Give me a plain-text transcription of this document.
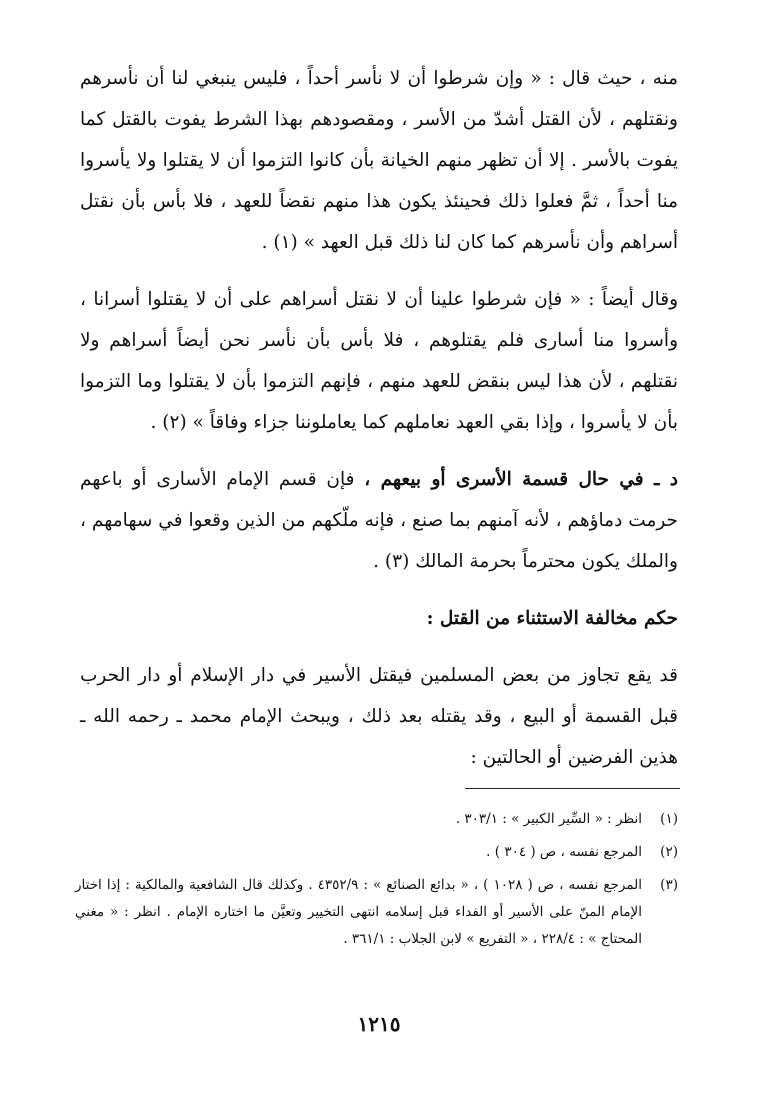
منه ، حيث قال : « وإن شرطوا أن لا نأسر أحداً ، فليس ينبغي لنا أن نأسرهم ونقتلهم ، لأن القتل أشدّ من الأسر ، ومقصودهم بهذا الشرط يفوت بالقتل كما يفوت بالأسر . إلا أن تظهر منهم الخيانة بأن كانوا التزموا أن لا يقتلوا ولا يأسروا منا أحداً ، ثمَّ فعلوا ذلك فحينئذ يكون هذا منهم نقضاً للعهد ، فلا بأس بأن نقتل أسراهم وأن نأسرهم كما كان لنا ذلك قبل العهد » (١) .

وقال أيضاً : « فإن شرطوا علينا أن لا نقتل أسراهم على أن لا يقتلوا أسرانا ، وأسروا منا أسارى فلم يقتلوهم ، فلا بأس بأن نأسر نحن أيضاً أسراهم ولا نقتلهم ، لأن هذا ليس بنقض للعهد منهم ، فإنهم التزموا بأن لا يقتلوا وما التزموا بأن لا يأسروا ، وإذا بقي العهد نعاملهم كما يعاملوننا جزاء وفاقاً » (٢) .

د ـ في حال قسمة الأسرى أو بيعهم ، فإن قسم الإمام الأسارى أو باعهم حرمت دماؤهم ، لأنه آمنهم بما صنع ، فإنه ملّكهم من الذين وقعوا في سهامهم ، والملك يكون محترماً بحرمة المالك (٣) .

حكم مخالفة الاستثناء من القتل :

قد يقع تجاوز من بعض المسلمين فيقتل الأسير في دار الإسلام أو دار الحرب قبل القسمة أو البيع ، وقد يقتله بعد ذلك ، ويبحث الإمام محمد ـ رحمه الله ـ هذين الفرضين أو الحالتين :

(١)
انظر : « السِّير الكبير » : ٣٠٣/١ .
(٢)
المرجع نفسه ، ص ( ٣٠٤ ) .
(٣)
المرجع نفسه ، ص ( ١٠٢٨ ) ، « بدائع الصنائع » : ٤٣٥٢/٩ . وكذلك قال الشافعية والمالكية : إذا اختار الإمام المنّ على الأسير أو الفداء قبل إسلامه انتهى التخيير وتعيَّن ما اختاره الإمام . انظر : « مغني المحتاج » : ٢٢٨/٤ ، « التفريع » لابن الجلاب : ٣٦١/١ .
١٢١٥
